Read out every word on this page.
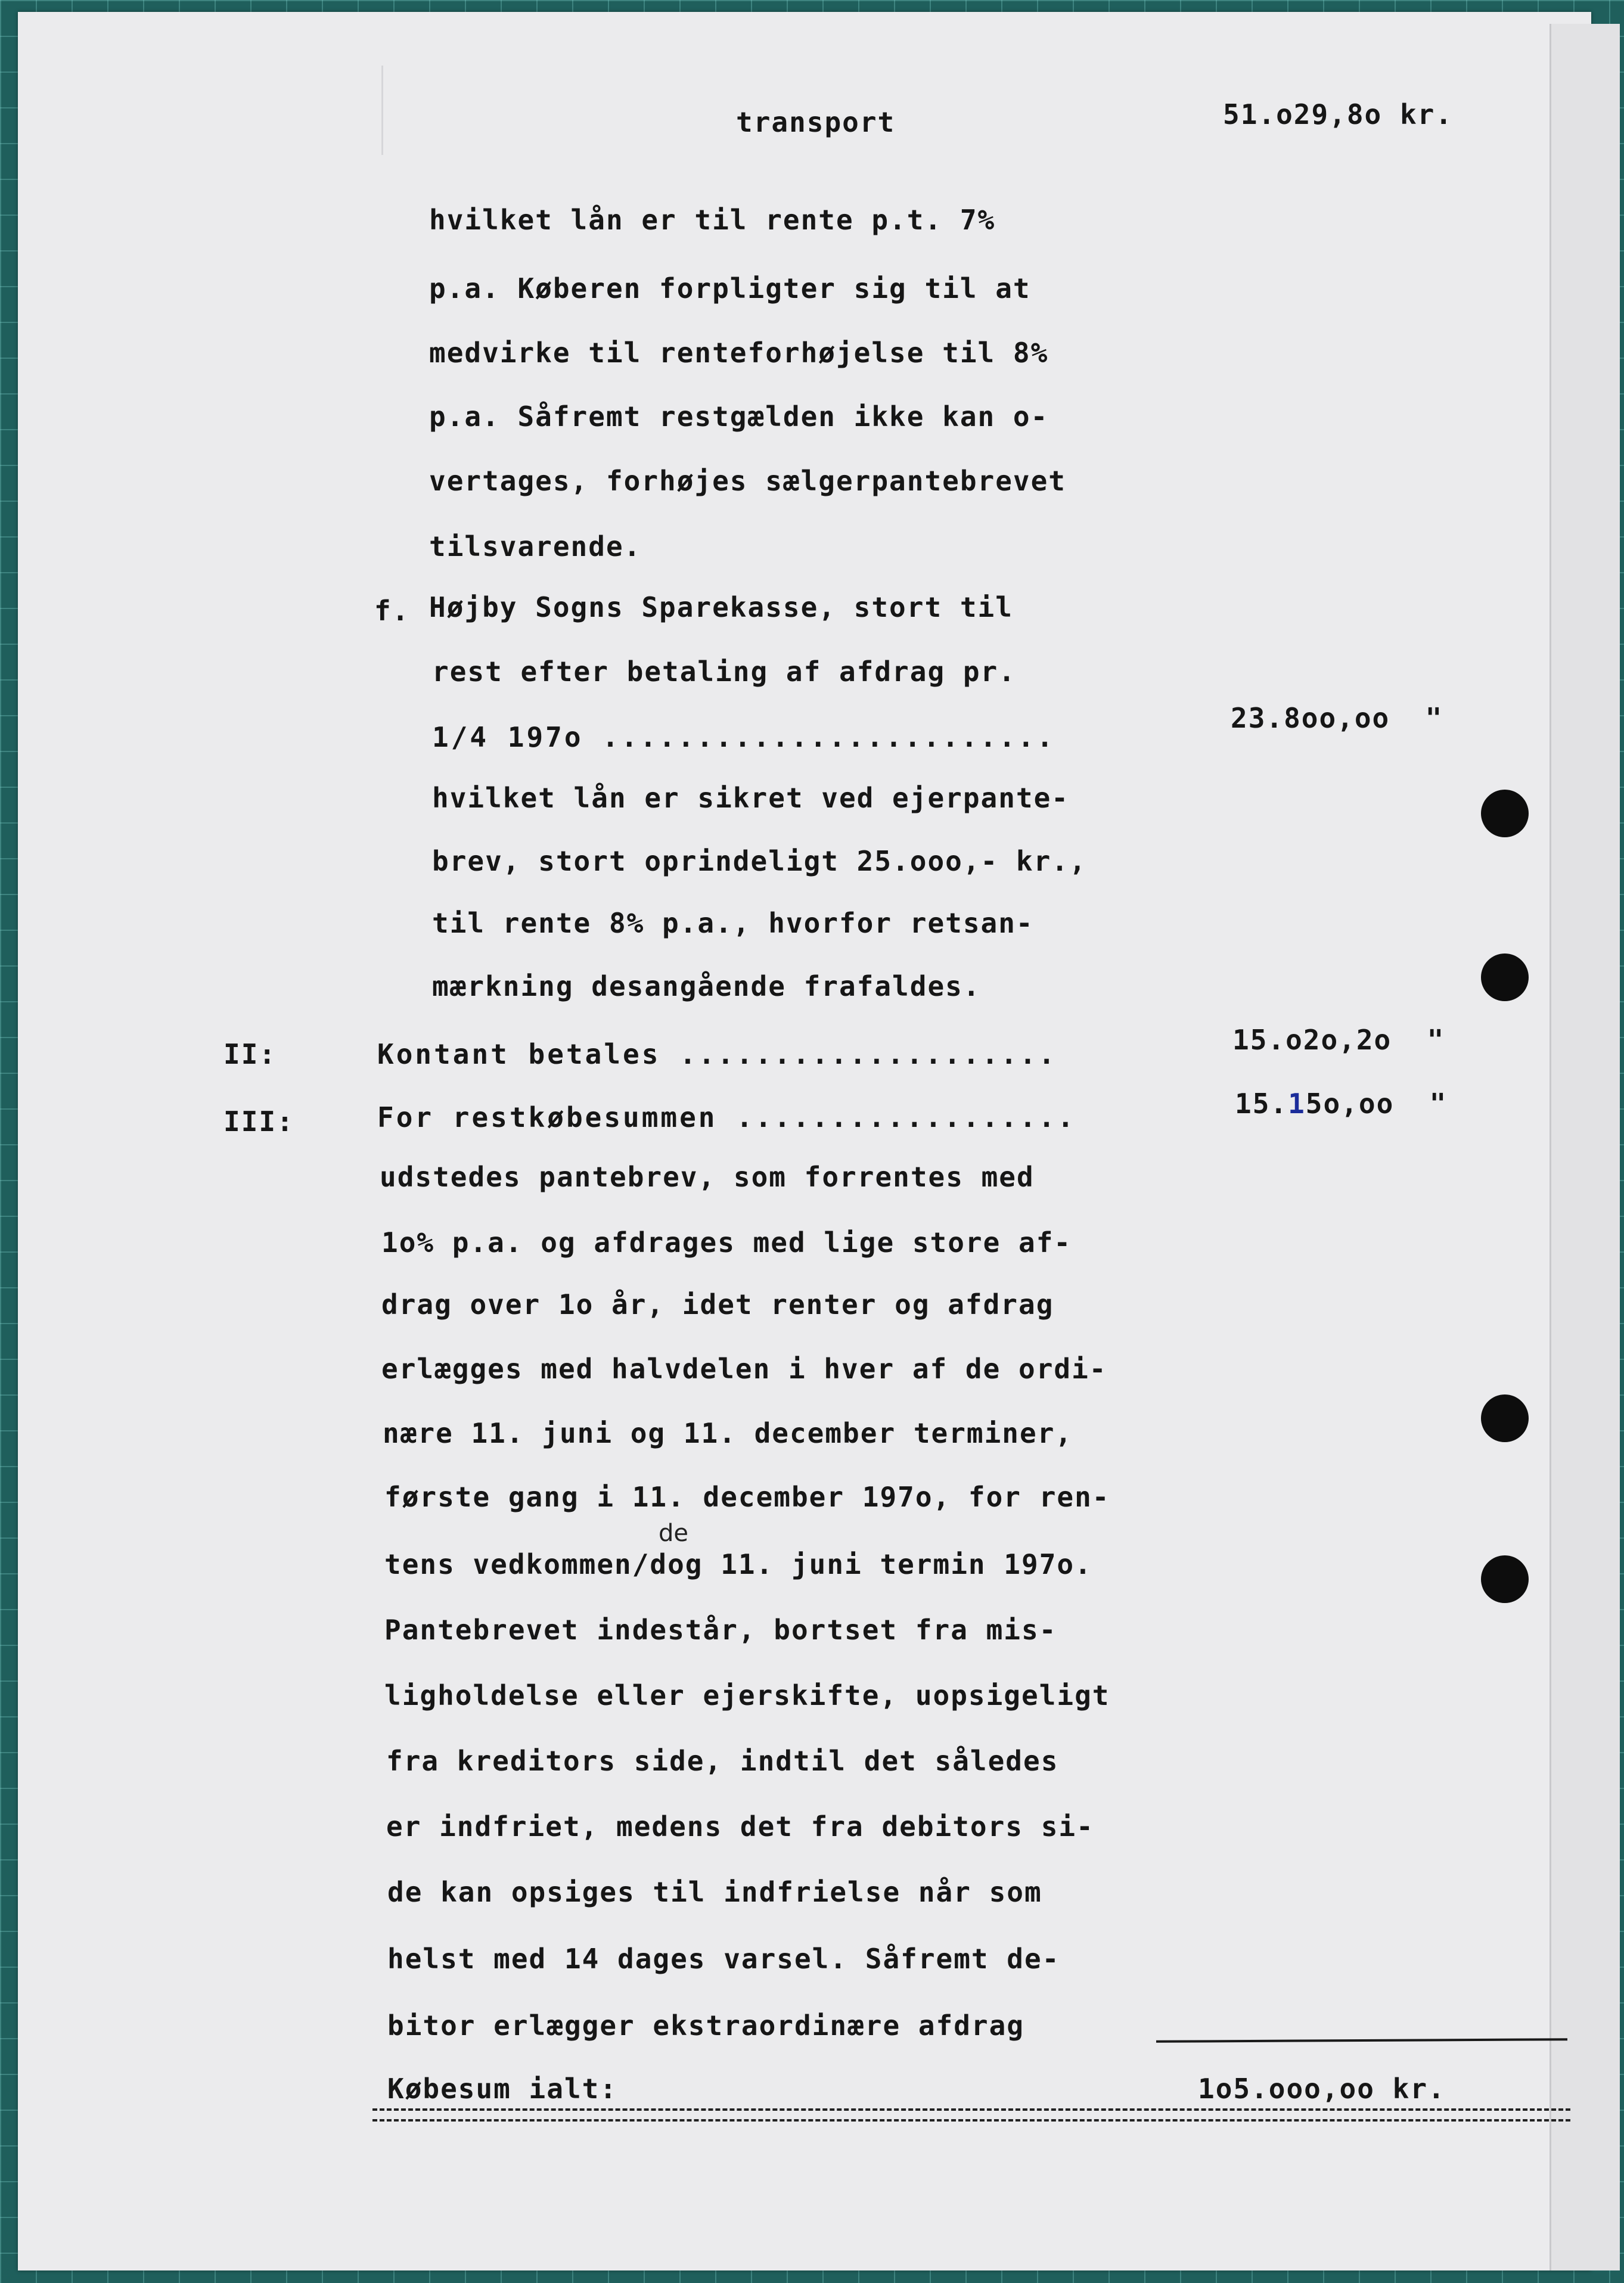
transport	51.o29,8o kr.
hvilket lån er til rente p.t. 7%
p.a. Køberen forpligter sig til at
medvirke til renteforhøjelse til 8%
p.a. Såfremt restgælden ikke kan o-
vertages, forhøjes sælgerpantebrevet
tilsvarende.
f. Højby Sogns Sparekasse, stort til
rest efter betaling af afdrag pr.
1/4 197o ........................
23.8oo,oo  "
hvilket lån er sikret ved ejerpante-
brev, stort oprindeligt 25.ooo,- kr.,
til rente 8% p.a., hvorfor retsan-
mærkning desangående frafaldes.
II:	Kontant betales ....................	15.o2o,2o  "
III:	For restkøbesummen ..................	15.15o,oo  "
udstedes pantebrev, som forrentes med
1o% p.a. og afdrages med lige store af-
drag over 1o år, idet renter og afdrag
erlægges med halvdelen i hver af de ordi-
nære 11. juni og 11. december terminer,
første gang i 11. december 197o, for ren-
de
tens vedkommen/dog 11. juni termin 197o.
Pantebrevet indestår, bortset fra mis-
ligholdelse eller ejerskifte, uopsigeligt
fra kreditors side, indtil det således
er indfriet, medens det fra debitors si-
de kan opsiges til indfrielse når som
helst med 14 dages varsel. Såfremt de-
bitor erlægger ekstraordinære afdrag
Købesum ialt:	1o5.ooo,oo kr.
